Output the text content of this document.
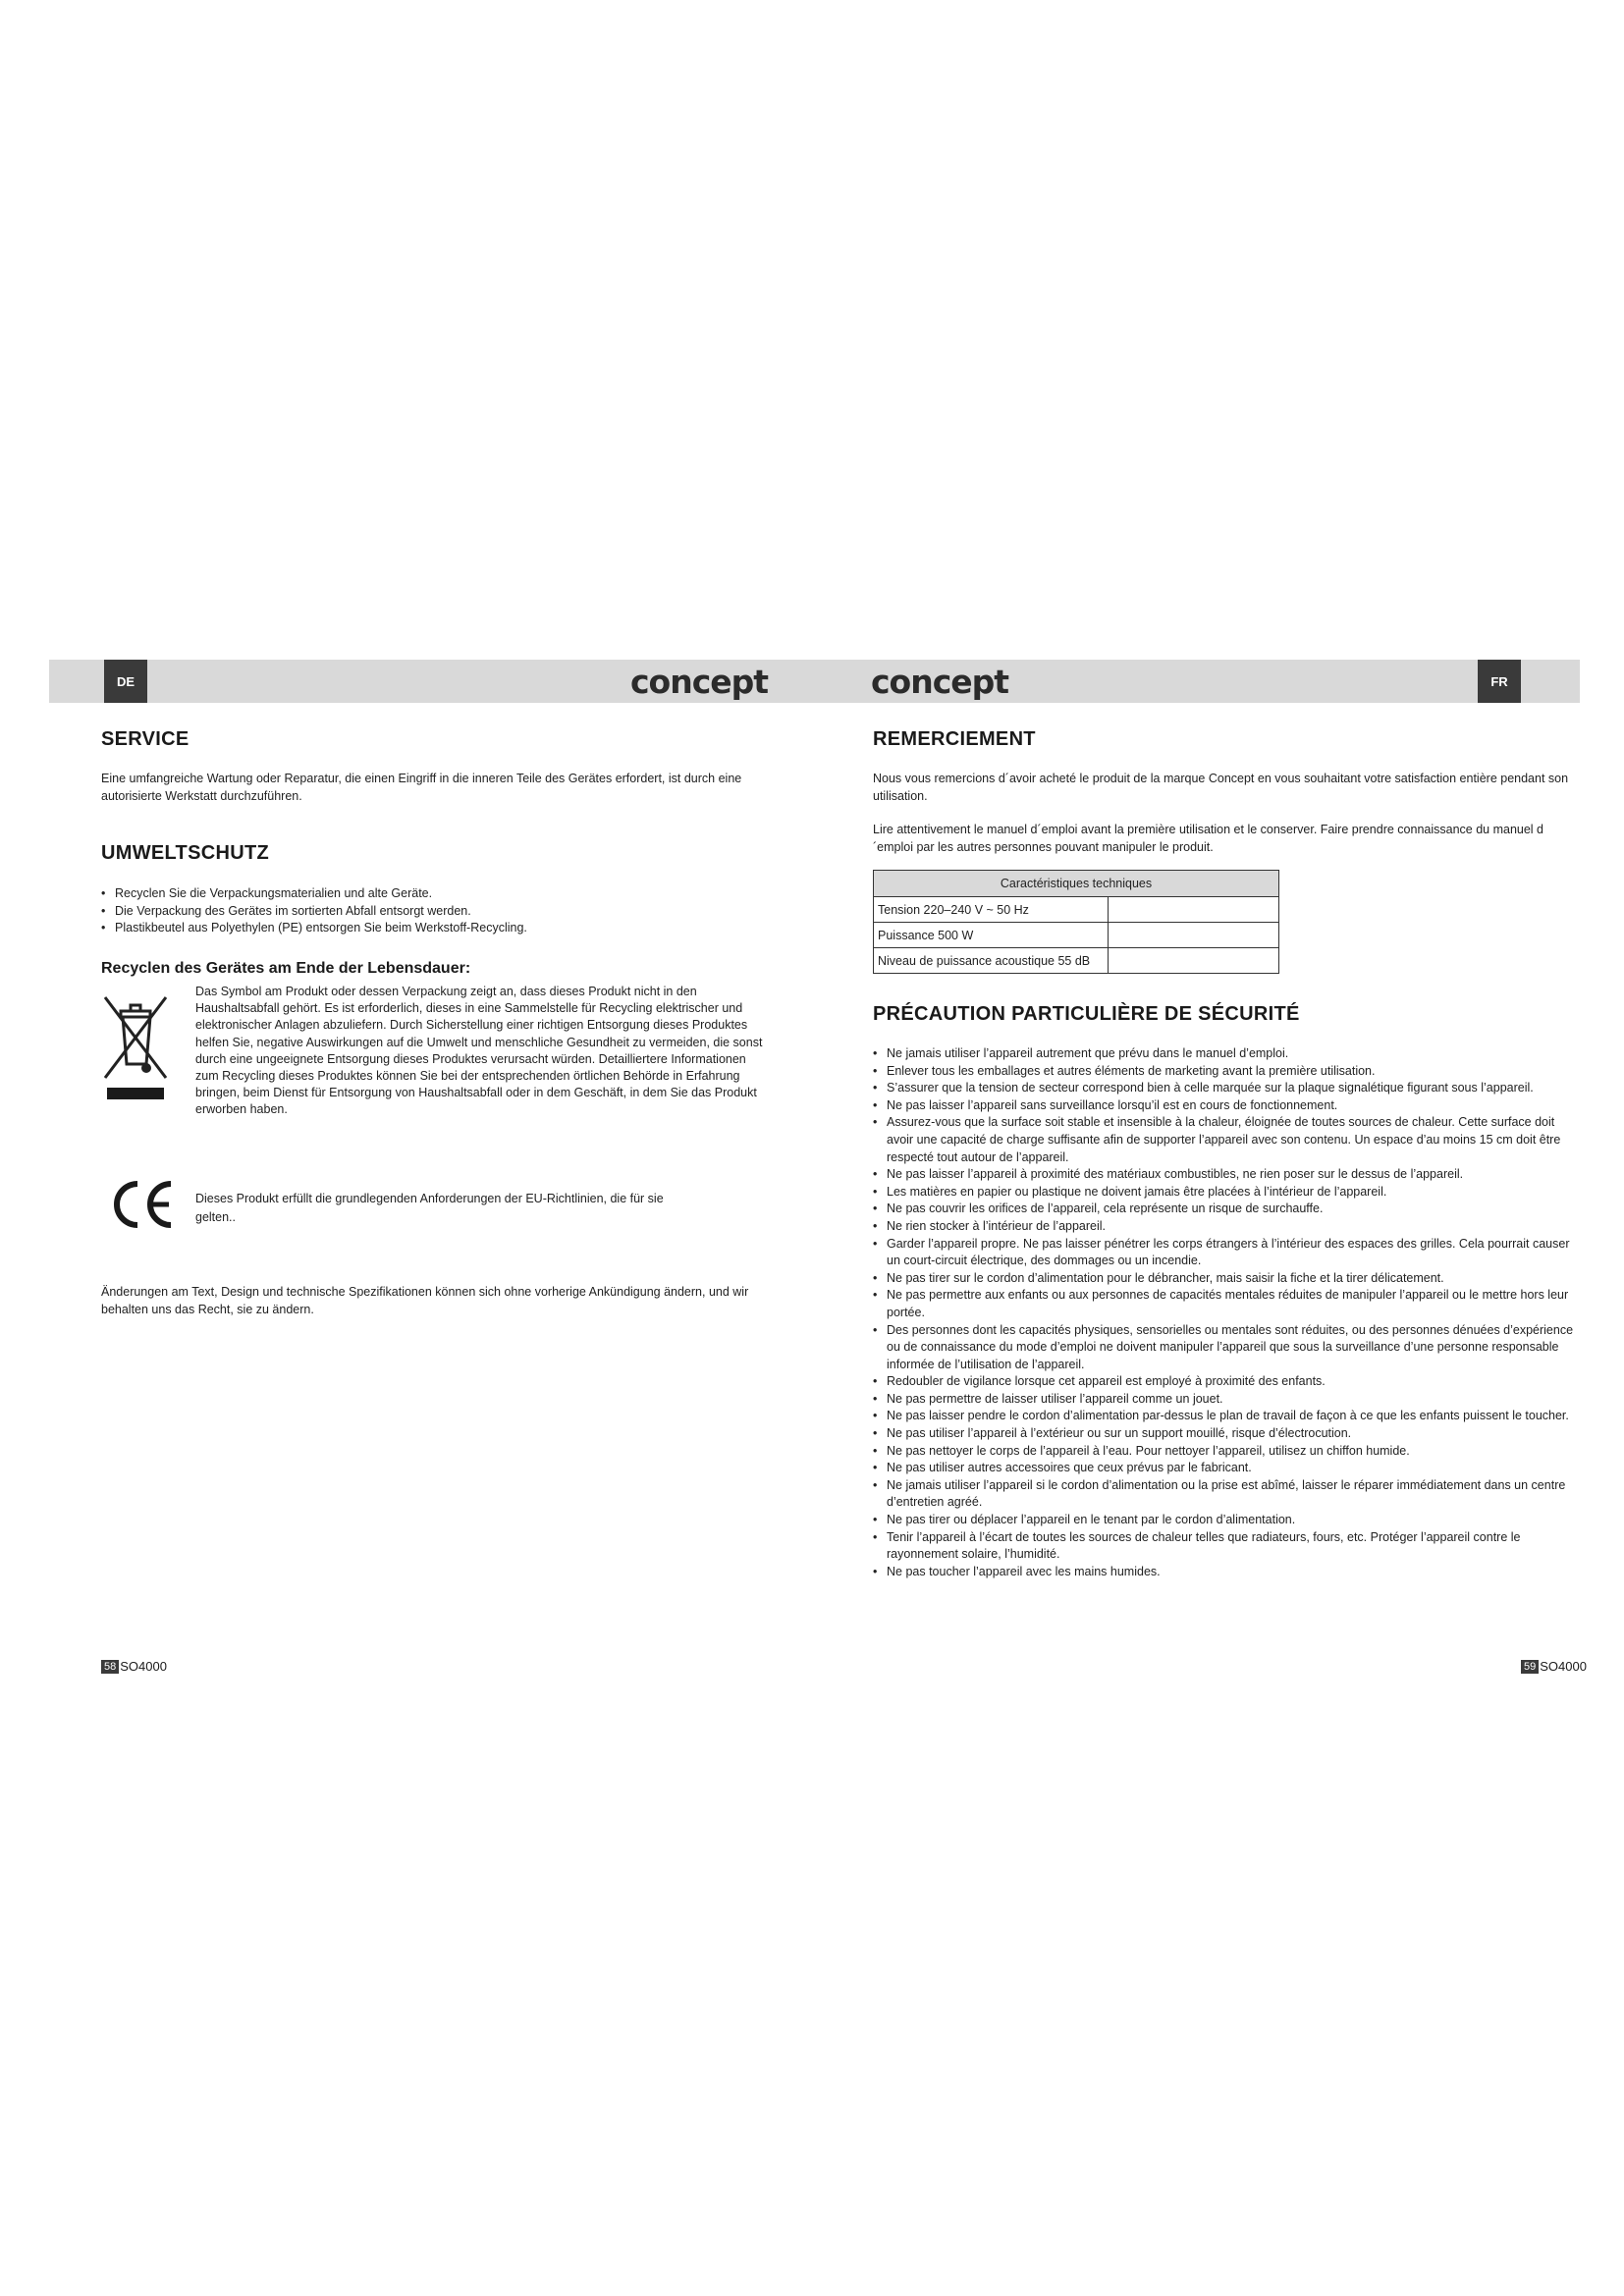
DE	concept
SERVICE

Eine umfangreiche Wartung oder Reparatur, die einen Eingriff in die inneren Teile des Gerätes erfordert, ist durch eine autorisierte Werkstatt durchzuführen.

UMWELTSCHUTZ
• Recyclen Sie die Verpackungsmaterialien und alte Geräte.
• Die Verpackung des Gerätes im sortierten Abfall entsorgt werden.
• Plastikbeutel aus Polyethylen (PE) entsorgen Sie beim Werkstoff-Recycling.
Recyclen des Gerätes am Ende der Lebensdauer:

Das Symbol am Produkt oder dessen Verpackung zeigt an, dass dieses Produkt nicht in den Haushaltsabfall gehört. Es ist erforderlich, dieses in eine Sammelstelle für Recycling elektrischer und elektronischer Anlagen abzuliefern. Durch Sicherstellung einer richtigen Entsorgung dieses Produktes helfen Sie, negative Auswirkungen auf die Umwelt und menschliche Gesundheit zu vermeiden, die sonst durch eine ungeeignete Entsorgung dieses Produktes verursacht würden. Detailliertere Informationen zum Recycling dieses Produktes können Sie bei der entsprechenden örtlichen Behörde in Erfahrung bringen, beim Dienst für Entsorgung von Haushaltsabfall oder in dem Geschäft, in dem Sie das Produkt erworben haben.

Dieses Produkt erfüllt die grundlegenden Anforderungen der EU-Richtlinien, die für sie gelten..

Änderungen am Text, Design und technische Spezifikationen können sich ohne vorherige Ankündigung ändern, und wir behalten uns das Recht, sie zu ändern.

58 SO4000
FR
concept
REMERCIEMENT

Nous vous remercions d´avoir acheté le produit de la marque Concept en vous souhaitant votre satisfaction entière pendant son utilisation.

Lire attentivement le manuel d´emploi avant la première utilisation et le conserver. Faire prendre connaissance du manuel d´emploi par les autres personnes pouvant manipuler le produit.

Caractéristiques techniques	
Tension 220–240 V ~ 50 Hz	
Puissance 500 W	
Niveau de puissance acoustique 55 dB	
PRÉCAUTION PARTICULIÈRE DE SÉCURITÉ
• Ne jamais utiliser l’appareil autrement que prévu dans le manuel d’emploi.
• Enlever tous les emballages et autres éléments de marketing avant la première utilisation.
• S’assurer que la tension de secteur correspond bien à celle marquée sur la plaque signalétique figurant sous l’appareil.
• Ne pas laisser l’appareil sans surveillance lorsqu’il est en cours de fonctionnement.
• Assurez-vous que la surface soit stable et insensible à la chaleur, éloignée de toutes sources de chaleur. Cette surface doit avoir une capacité de charge suffisante afin de supporter l’appareil avec son contenu. Un espace d’au moins 15 cm doit être respecté tout autour de l’appareil.
• Ne pas laisser l’appareil à proximité des matériaux combustibles, ne rien poser sur le dessus de l’appareil.
• Les matières en papier ou plastique ne doivent jamais être placées à l’intérieur de l’appareil.
• Ne pas couvrir les orifices de l’appareil, cela représente un risque de surchauffe.
• Ne rien stocker à l’intérieur de l’appareil.
• Garder l’appareil propre. Ne pas laisser pénétrer les corps étrangers à l’intérieur des espaces des grilles. Cela pourrait causer un court-circuit électrique, des dommages ou un incendie.
• Ne pas tirer sur le cordon d’alimentation pour le débrancher, mais saisir la fiche et la tirer délicatement.
• Ne pas permettre aux enfants ou aux personnes de capacités mentales réduites de manipuler l’appareil ou le mettre hors leur portée.
• Des personnes dont les capacités physiques, sensorielles ou mentales sont réduites, ou des personnes dénuées d’expérience ou de connaissance du mode d’emploi ne doivent manipuler l’appareil que sous la surveillance d’une personne responsable informée de l’utilisation de l’appareil.
• Redoubler de vigilance lorsque cet appareil est employé à proximité des enfants.
• Ne pas permettre de laisser utiliser l’appareil comme un jouet.
• Ne pas laisser pendre le cordon d’alimentation par-dessus le plan de travail de façon à ce que les enfants puissent le toucher.
• Ne pas utiliser l’appareil à l’extérieur ou sur un support mouillé, risque d’électrocution.
• Ne pas nettoyer le corps de l’appareil à l’eau. Pour nettoyer l’appareil, utilisez un chiffon humide.
• Ne pas utiliser autres accessoires que ceux prévus par le fabricant.
• Ne jamais utiliser l’appareil si le cordon d’alimentation ou la prise est abîmé, laisser le réparer immédiatement dans un centre d’entretien agréé.
• Ne pas tirer ou déplacer l’appareil en le tenant par le cordon d’alimentation.
• Tenir l’appareil à l’écart de toutes les sources de chaleur telles que radiateurs, fours, etc. Protéger l’appareil contre le rayonnement solaire, l’humidité.
• Ne pas toucher l’appareil avec les mains humides.
59 SO4000
